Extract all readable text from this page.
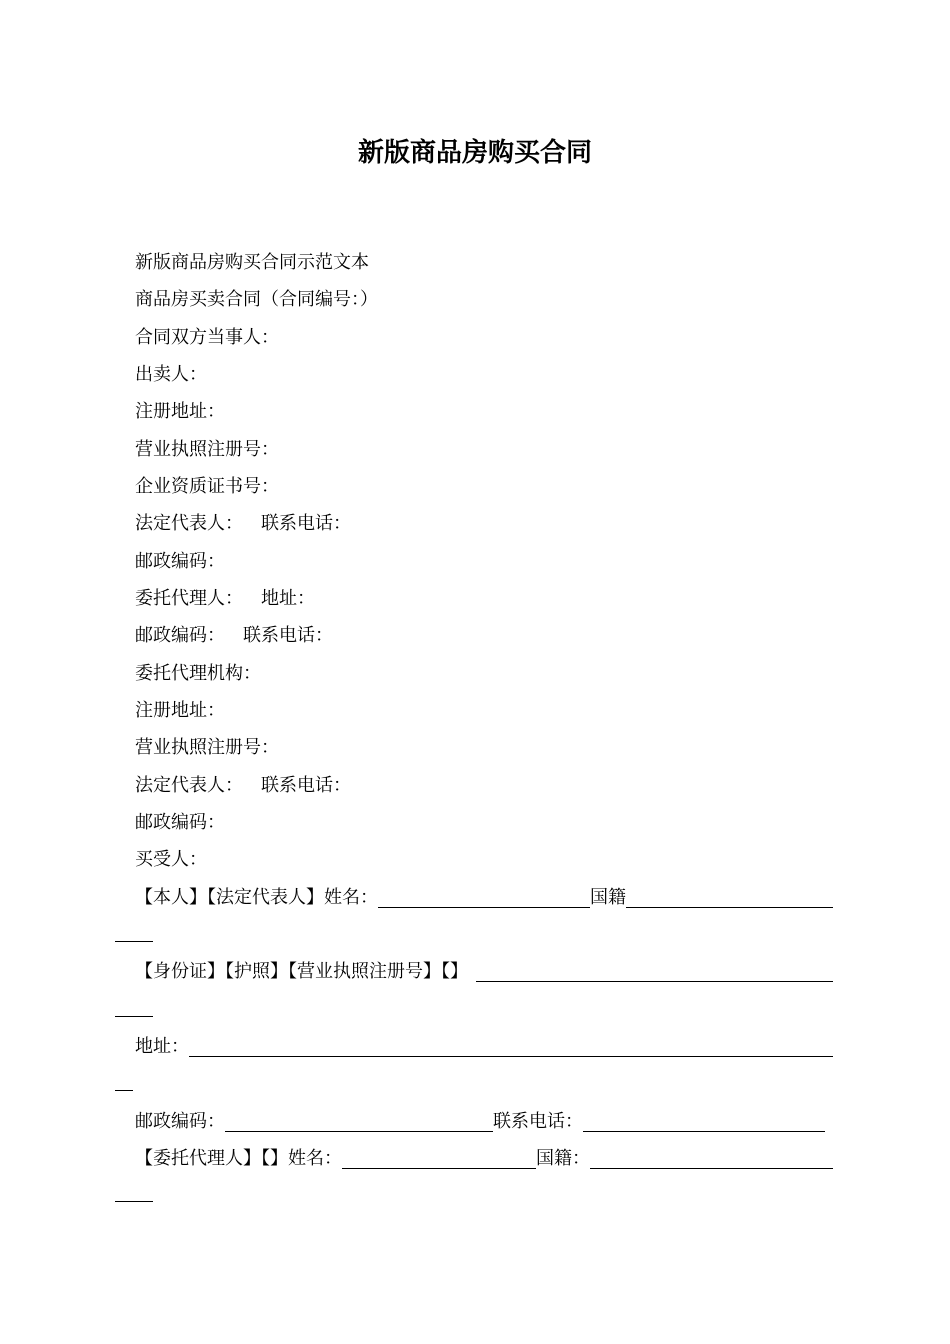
新版商品房购买合同
新版商品房购买合同示范文本
商品房买卖合同（合同编号：）
合同双方当事人：
出卖人：
注册地址：
营业执照注册号：
企业资质证书号：
法定代表人： 联系电话：
邮政编码：
委托代理人： 地址：
邮政编码： 联系电话：
委托代理机构：
注册地址：
营业执照注册号：
法定代表人： 联系电话：
邮政编码：
买受人：
【本人】【法定代表人】姓名：	国籍
【身份证】【护照】【营业执照注册号】【】
地址：
邮政编码：	联系电话：
【委托代理人】【】姓名：	国籍：
